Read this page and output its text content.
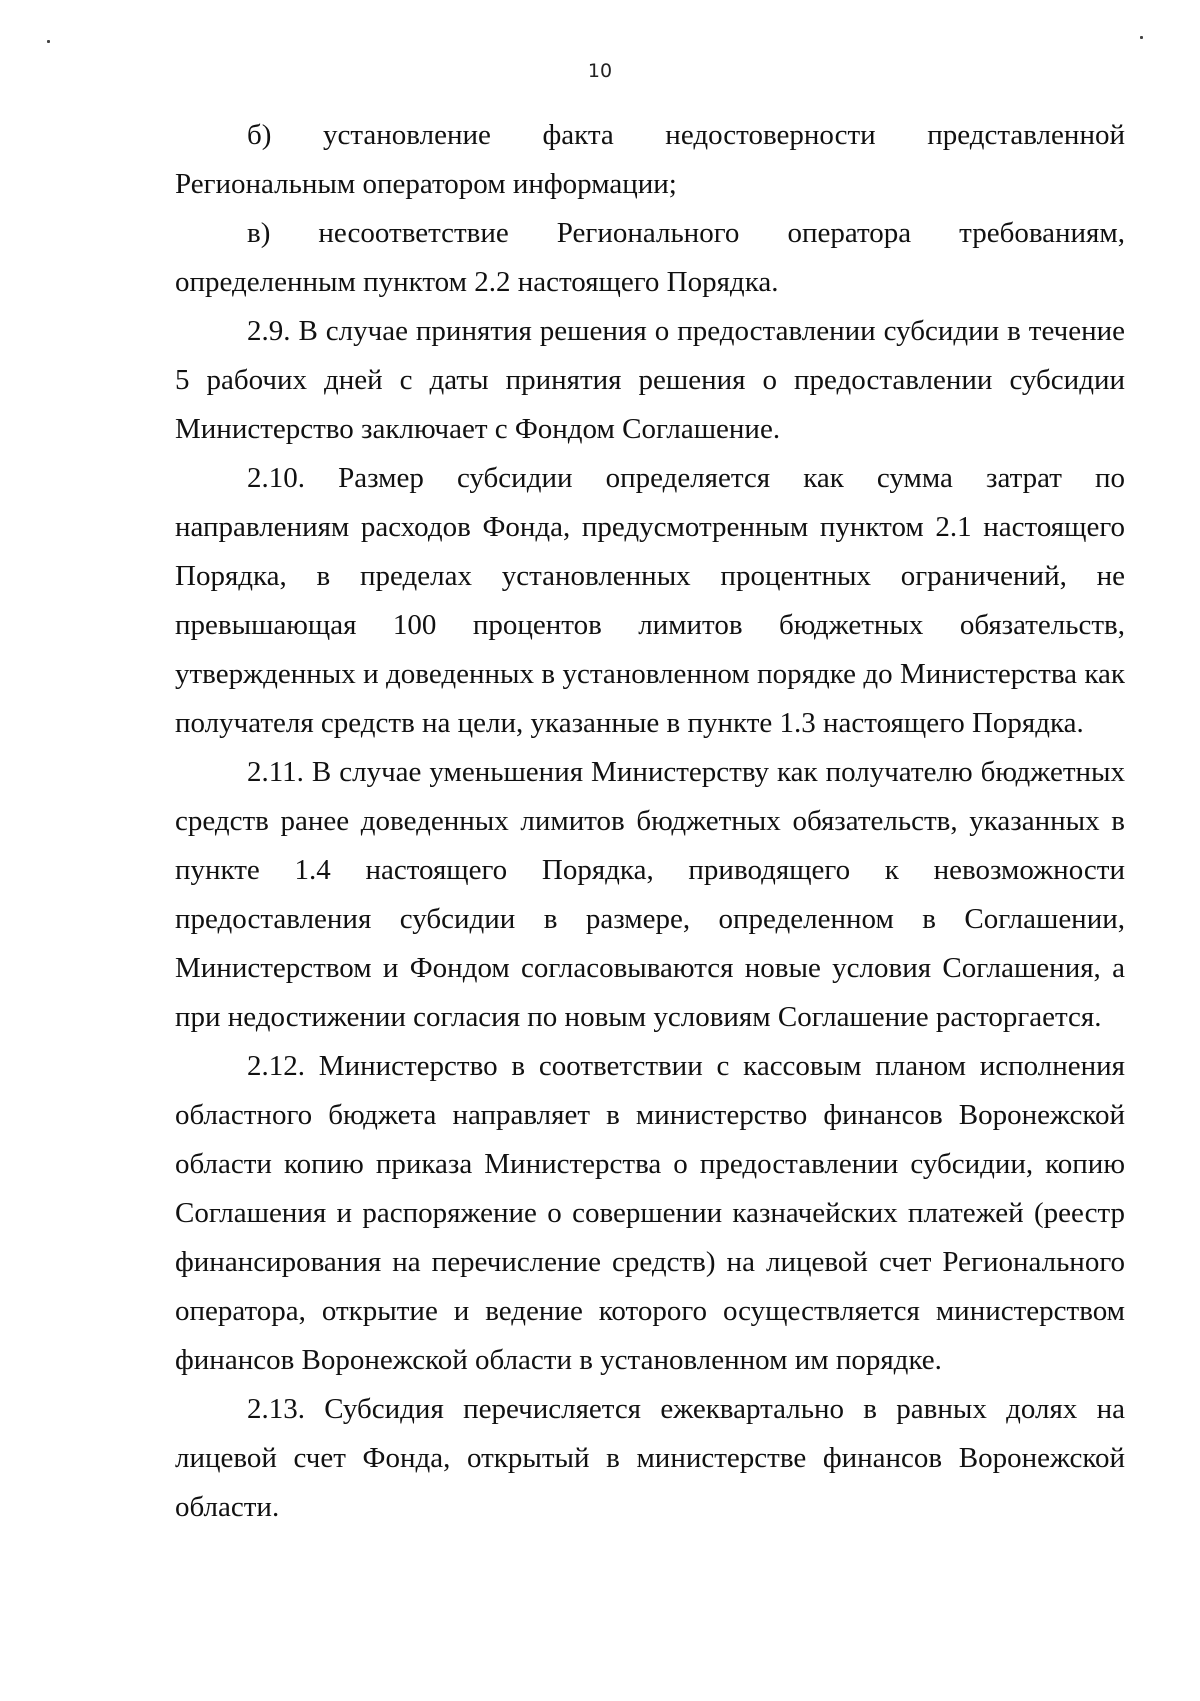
10

б) установление факта недостоверности представленной Региональным оператором информации;

в) несоответствие Регионального оператора требованиям, определенным пунктом 2.2 настоящего Порядка.

2.9. В случае принятия решения о предоставлении субсидии в течение 5 рабочих дней с даты принятия решения о предоставлении субсидии Министерство заключает с Фондом Соглашение.

2.10. Размер субсидии определяется как сумма затрат по направлениям расходов Фонда, предусмотренным пунктом 2.1 настоящего Порядка, в пределах установленных процентных ограничений, не превышающая 100 процентов лимитов бюджетных обязательств, утвержденных и доведенных в установленном порядке до Министерства как получателя средств на цели, указанные в пункте 1.3 настоящего Порядка.

2.11. В случае уменьшения Министерству как получателю бюджетных средств ранее доведенных лимитов бюджетных обязательств, указанных в пункте 1.4 настоящего Порядка, приводящего к невозможности предоставления субсидии в размере, определенном в Соглашении, Министерством и Фондом согласовываются новые условия Соглашения, а при недостижении согласия по новым условиям Соглашение расторгается.

2.12. Министерство в соответствии с кассовым планом исполнения областного бюджета направляет в министерство финансов Воронежской области копию приказа Министерства о предоставлении субсидии, копию Соглашения и распоряжение о совершении казначейских платежей (реестр финансирования на перечисление средств) на лицевой счет Регионального оператора, открытие и ведение которого осуществляется министерством финансов Воронежской области в установленном им порядке.

2.13. Субсидия перечисляется ежеквартально в равных долях на лицевой счет Фонда, открытый в министерстве финансов Воронежской области.
